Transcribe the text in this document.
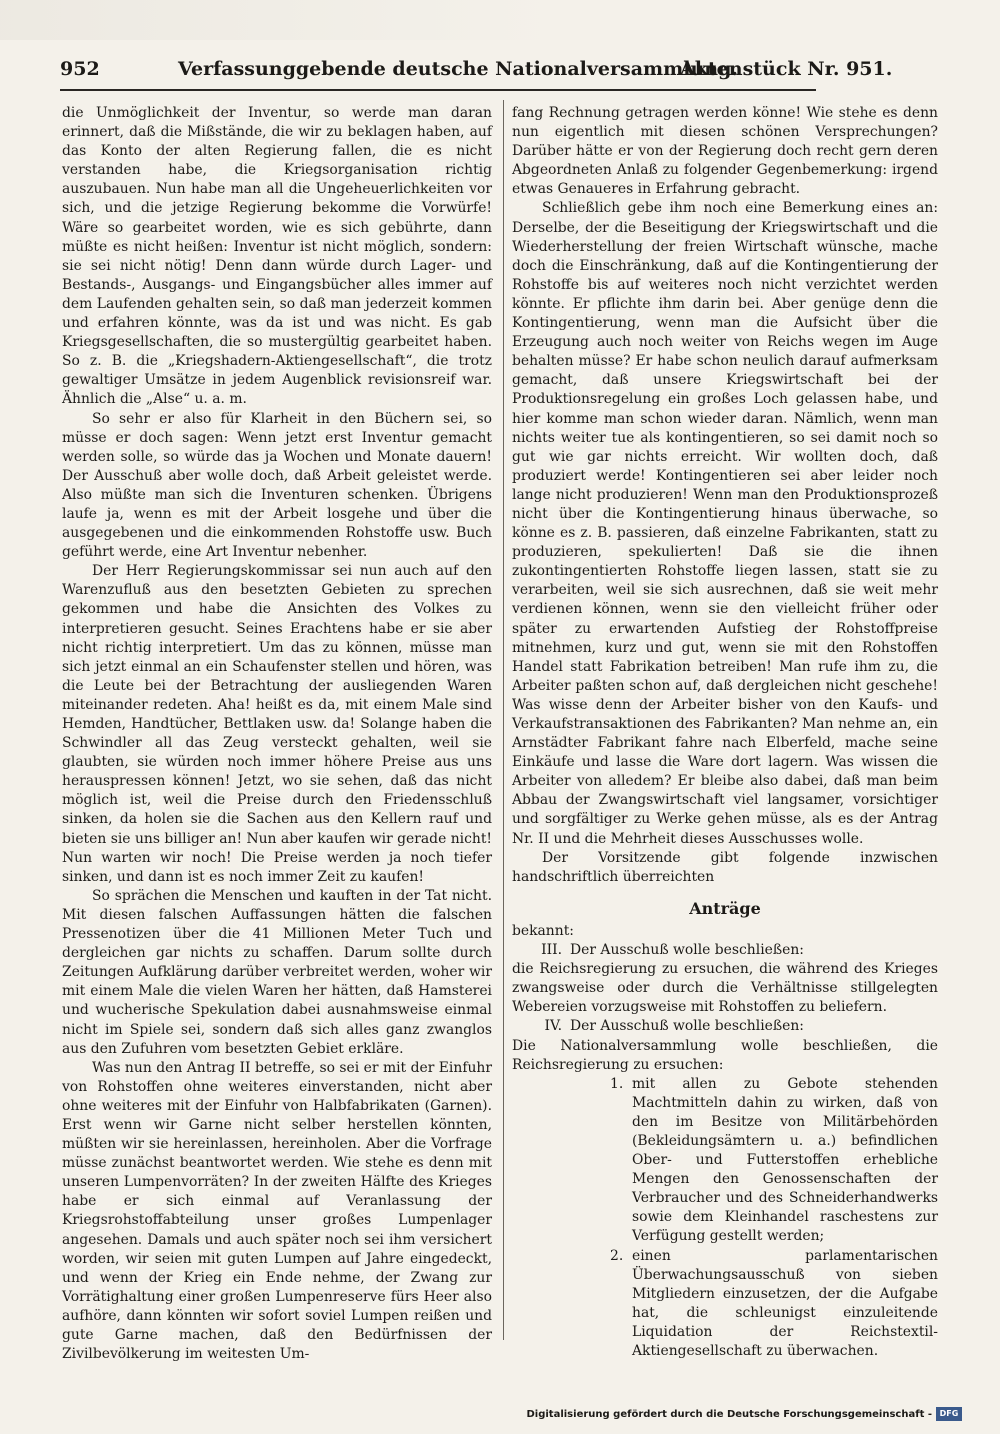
952	Verfassunggebende deutsche Nationalversammlung.
Aktenstück Nr. 951.

die Unmöglichkeit der Inventur, so werde man daran erinnert, daß die Mißstände, die wir zu beklagen haben, auf das Konto der alten Regierung fallen, die es nicht verstanden habe, die Kriegsorganisation richtig auszubauen. Nun habe man all die Ungeheuerlichkeiten vor sich, und die jetzige Regierung bekomme die Vorwürfe! Wäre so gearbeitet worden, wie es sich gebührte, dann müßte es nicht heißen: Inventur ist nicht möglich, sondern: sie sei nicht nötig! Denn dann würde durch Lager- und Bestands-, Ausgangs- und Eingangsbücher alles immer auf dem Laufenden gehalten sein, so daß man jederzeit kommen und erfahren könnte, was da ist und was nicht. Es gab Kriegsgesellschaften, die so mustergültig gearbeitet haben. So z. B. die „Kriegshadern-Aktiengesellschaft“, die trotz gewaltiger Umsätze in jedem Augenblick revisionsreif war. Ähnlich die „Alse“ u. a. m.

So sehr er also für Klarheit in den Büchern sei, so müsse er doch sagen: Wenn jetzt erst Inventur gemacht werden solle, so würde das ja Wochen und Monate dauern! Der Ausschuß aber wolle doch, daß Arbeit geleistet werde. Also müßte man sich die Inventuren schenken. Übrigens laufe ja, wenn es mit der Arbeit losgehe und über die ausgegebenen und die einkommenden Rohstoffe usw. Buch geführt werde, eine Art Inventur nebenher.

Der Herr Regierungskommissar sei nun auch auf den Warenzufluß aus den besetzten Gebieten zu sprechen gekommen und habe die Ansichten des Volkes zu interpretieren gesucht. Seines Erachtens habe er sie aber nicht richtig interpretiert. Um das zu können, müsse man sich jetzt einmal an ein Schaufenster stellen und hören, was die Leute bei der Betrachtung der ausliegenden Waren miteinander redeten. Aha! heißt es da, mit einem Male sind Hemden, Handtücher, Bettlaken usw. da! Solange haben die Schwindler all das Zeug versteckt gehalten, weil sie glaubten, sie würden noch immer höhere Preise aus uns herauspressen können! Jetzt, wo sie sehen, daß das nicht möglich ist, weil die Preise durch den Friedensschluß sinken, da holen sie die Sachen aus den Kellern rauf und bieten sie uns billiger an! Nun aber kaufen wir gerade nicht! Nun warten wir noch! Die Preise werden ja noch tiefer sinken, und dann ist es noch immer Zeit zu kaufen!

So sprächen die Menschen und kauften in der Tat nicht. Mit diesen falschen Auffassungen hätten die falschen Pressenotizen über die 41 Millionen Meter Tuch und dergleichen gar nichts zu schaffen. Darum sollte durch Zeitungen Aufklärung darüber verbreitet werden, woher wir mit einem Male die vielen Waren her hätten, daß Hamsterei und wucherische Spekulation dabei ausnahmsweise einmal nicht im Spiele sei, sondern daß sich alles ganz zwanglos aus den Zufuhren vom besetzten Gebiet erkläre.

Was nun den Antrag II betreffe, so sei er mit der Einfuhr von Rohstoffen ohne weiteres einverstanden, nicht aber ohne weiteres mit der Einfuhr von Halbfabrikaten (Garnen). Erst wenn wir Garne nicht selber herstellen könnten, müßten wir sie hereinlassen, hereinholen. Aber die Vorfrage müsse zunächst beantwortet werden. Wie stehe es denn mit unseren Lumpenvorräten? In der zweiten Hälfte des Krieges habe er sich einmal auf Veranlassung der Kriegsrohstoffabteilung unser großes Lumpenlager angesehen. Damals und auch später noch sei ihm versichert worden, wir seien mit guten Lumpen auf Jahre eingedeckt, und wenn der Krieg ein Ende nehme, der Zwang zur Vorrätighaltung einer großen Lumpenreserve fürs Heer also aufhöre, dann könnten wir sofort soviel Lumpen reißen und gute Garne machen, daß den Bedürfnissen der Zivilbevölkerung im weitesten Um-

fang Rechnung getragen werden könne! Wie stehe es denn nun eigentlich mit diesen schönen Versprechungen? Darüber hätte er von der Regierung doch recht gern deren Abgeordneten Anlaß zu folgender Gegenbemerkung: irgend etwas Genaueres in Erfahrung gebracht.

Schließlich gebe ihm noch eine Bemerkung eines an: Derselbe, der die Beseitigung der Kriegswirtschaft und die Wiederherstellung der freien Wirtschaft wünsche, mache doch die Einschränkung, daß auf die Kontingentierung der Rohstoffe bis auf weiteres noch nicht verzichtet werden könnte. Er pflichte ihm darin bei. Aber genüge denn die Kontingentierung, wenn man die Aufsicht über die Erzeugung auch noch weiter von Reichs wegen im Auge behalten müsse? Er habe schon neulich darauf aufmerksam gemacht, daß unsere Kriegswirtschaft bei der Produktionsregelung ein großes Loch gelassen habe, und hier komme man schon wieder daran. Nämlich, wenn man nichts weiter tue als kontingentieren, so sei damit noch so gut wie gar nichts erreicht. Wir wollten doch, daß produziert werde! Kontingentieren sei aber leider noch lange nicht produzieren! Wenn man den Produktionsprozeß nicht über die Kontingentierung hinaus überwache, so könne es z. B. passieren, daß einzelne Fabrikanten, statt zu produzieren, spekulierten! Daß sie die ihnen zukontingentierten Rohstoffe liegen lassen, statt sie zu verarbeiten, weil sie sich ausrechnen, daß sie weit mehr verdienen können, wenn sie den vielleicht früher oder später zu erwartenden Aufstieg der Rohstoffpreise mitnehmen, kurz und gut, wenn sie mit den Rohstoffen Handel statt Fabrikation betreiben! Man rufe ihm zu, die Arbeiter paßten schon auf, daß dergleichen nicht geschehe! Was wisse denn der Arbeiter bisher von den Kaufs- und Verkaufstransaktionen des Fabrikanten? Man nehme an, ein Arnstädter Fabrikant fahre nach Elberfeld, mache seine Einkäufe und lasse die Ware dort lagern. Was wissen die Arbeiter von alledem? Er bleibe also dabei, daß man beim Abbau der Zwangswirtschaft viel langsamer, vorsichtiger und sorgfältiger zu Werke gehen müsse, als es der Antrag Nr. II und die Mehrheit dieses Ausschusses wolle.

Der Vorsitzende gibt folgende inzwischen handschriftlich überreichten

Anträge

bekannt:

III. Der Ausschuß wolle beschließen:

die Reichsregierung zu ersuchen, die während des Krieges zwangsweise oder durch die Verhältnisse stillgelegten Webereien vorzugsweise mit Rohstoffen zu beliefern.

IV. Der Ausschuß wolle beschließen:

Die Nationalversammlung wolle beschließen, die Reichsregierung zu ersuchen:

1. mit allen zu Gebote stehenden Machtmitteln dahin zu wirken, daß von den im Besitze von Militärbehörden (Bekleidungsämtern u. a.) befindlichen Ober- und Futterstoffen erhebliche Mengen den Genossenschaften der Verbraucher und des Schneiderhandwerks sowie dem Kleinhandel raschestens zur Verfügung gestellt werden;
2. einen parlamentarischen Überwachungsausschuß von sieben Mitgliedern einzusetzen, der die Aufgabe hat, die schleunigst einzuleitende Liquidation der Reichstextil-Aktiengesellschaft zu überwachen.
Digitalisierung gefördert durch die Deutsche Forschungsgemeinschaft - DFG
